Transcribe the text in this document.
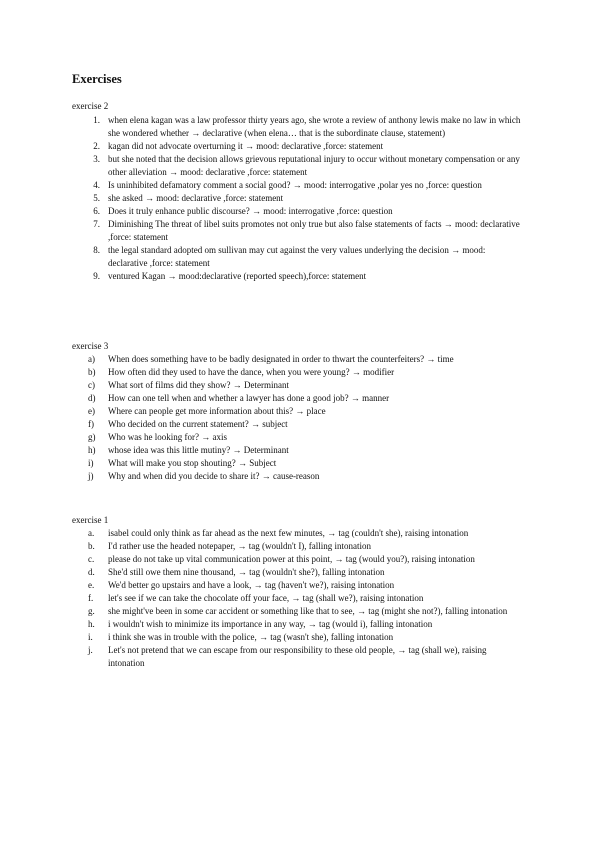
Exercises

exercise 2

1. when elena kagan was a law professor thirty years ago, she wrote a review of anthony lewis make no law in which she wondered whether → declarative (when elena… that is the subordinate clause, statement)
2. kagan did not advocate overturning it → mood: declarative ,force: statement
3. but she noted that the decision allows grievous reputational injury to occur without monetary compensation or any other alleviation → mood: declarative ,force: statement
4. Is uninhibited defamatory comment a social good? → mood: interrogative ,polar yes no ,force: question
5. she asked → mood: declarative ,force: statement
6. Does it truly enhance public discourse? → mood: interrogative ,force: question
7. Diminishing The threat of libel suits promotes not only true but also false statements of facts → mood: declarative ,force: statement
8. the legal standard adopted om sullivan may cut against the very values underlying the decision → mood: declarative ,force: statement
9. ventured Kagan → mood:declarative (reported speech),force: statement

exercise 3

a) When does something have to be badly designated in order to thwart the counterfeiters? → time
b) How often did they used to have the dance, when you were young? → modifier
c) What sort of films did they show? → Determinant
d) How can one tell when and whether a lawyer has done a good job? → manner
e) Where can people get more information about this? → place
f) Who decided on the current statement? → subject
g) Who was he looking for? → axis
h) whose idea was this little mutiny? → Determinant
i) What will make you stop shouting? → Subject
j) Why and when did you decide to share it? → cause-reason

exercise 1

a. isabel could only think as far ahead as the next few minutes, → tag (couldn't she), raising intonation
b. I'd rather use the headed notepaper, → tag (wouldn't I), falling intonation
c. please do not take up vital communication power at this point, → tag (would you?), raising intonation
d. She'd still owe them nine thousand, → tag (wouldn't she?), falling intonation
e. We'd better go upstairs and have a look, → tag (haven't we?), raising intonation
f. let's see if we can take the chocolate off your face, → tag (shall we?), raising intonation
g. she might've been in some car accident or something like that to see, → tag (might she not?), falling intonation
h. i wouldn't wish to minimize its importance in any way, → tag (would i), falling intonation
i. i think she was in trouble with the police, → tag (wasn't she), falling intonation
j. Let's not pretend that we can escape from our responsibility to these old people, → tag (shall we), raising intonation
